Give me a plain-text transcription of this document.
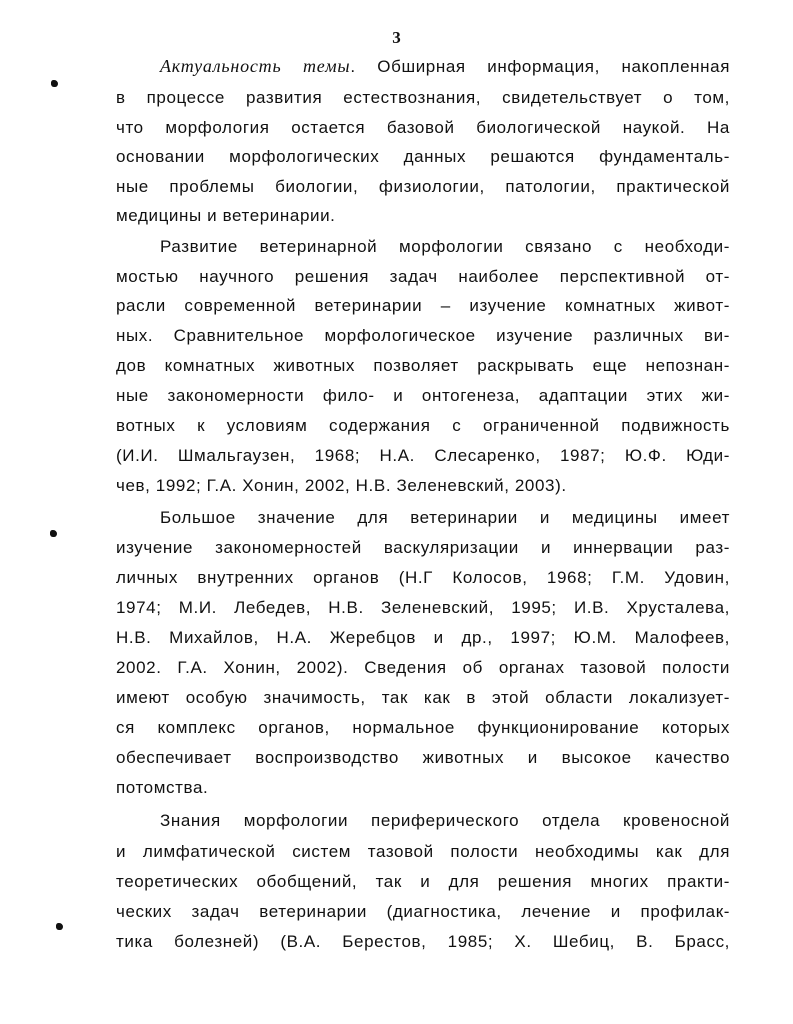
3
Актуальность темы. Обширная информация, накопленная
в процессе развития естествознания, свидетельствует о том,
что морфология остается базовой биологической наукой. На
основании морфологических данных решаются фундаменталь-
ные проблемы биологии, физиологии, патологии, практической
медицины и ветеринарии.
Развитие ветеринарной морфологии связано с необходи-
мостью научного решения задач наиболее перспективной от-
расли современной ветеринарии – изучение комнатных живот-
ных. Сравнительное морфологическое изучение различных ви-
дов комнатных животных позволяет раскрывать еще непознан-
ные закономерности фило- и онтогенеза, адаптации этих жи-
вотных к условиям содержания с ограниченной подвижность
(И.И. Шмальгаузен, 1968; Н.А. Слесаренко, 1987; Ю.Ф. Юди-
чев, 1992; Г.А. Хонин, 2002, Н.В. Зеленевский, 2003).
Большое значение для ветеринарии и медицины имеет
изучение закономерностей васкуляризации и иннервации раз-
личных внутренних органов (Н.Г Колосов, 1968; Г.М. Удовин,
1974; М.И. Лебедев, Н.В. Зеленевский, 1995; И.В. Хрусталева,
Н.В. Михайлов, Н.А. Жеребцов и др., 1997; Ю.М. Малофеев,
2002. Г.А. Хонин, 2002). Сведения об органах тазовой полости
имеют особую значимость, так как в этой области локализует-
ся комплекс органов, нормальное функционирование которых
обеспечивает воспроизводство животных и высокое качество
потомства.
Знания морфологии периферического отдела кровеносной
и лимфатической систем тазовой полости необходимы как для
теоретических обобщений, так и для решения многих практи-
ческих задач ветеринарии (диагностика, лечение и профилак-
тика болезней) (В.А. Берестов, 1985; Х. Шебиц, В. Брасс,
